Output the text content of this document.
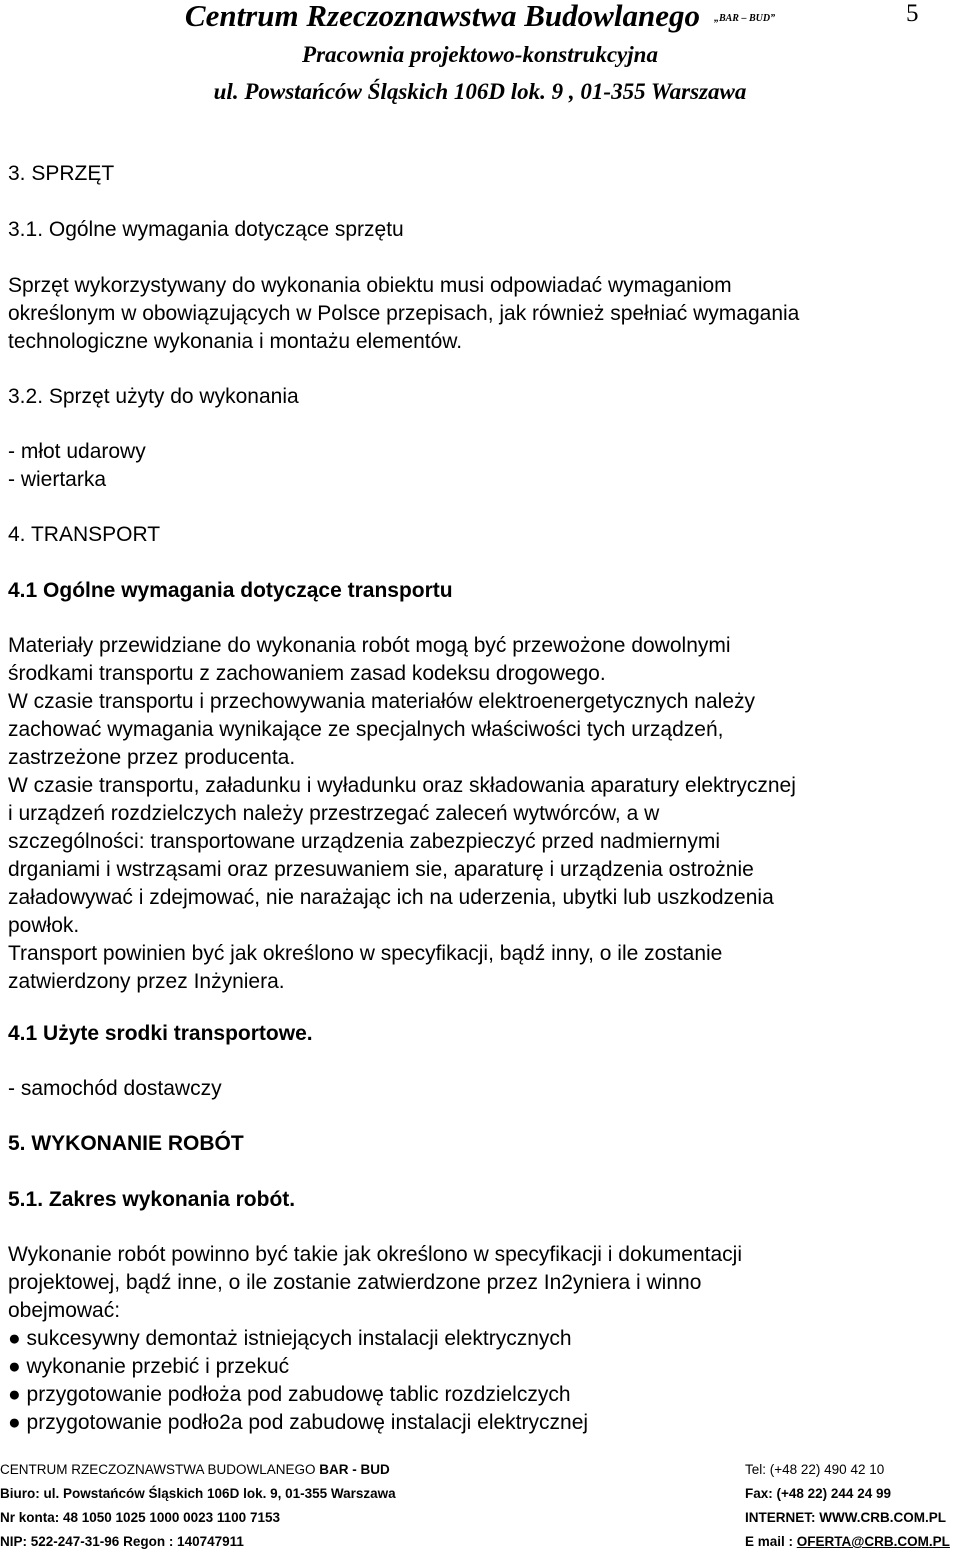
Centrum Rzeczoznawstwa Budowlanego „BAR – BUD”	5
Pracownia projektowo-konstrukcyjna
ul. Powstańców Śląskich 106D lok. 9 , 01-355 Warszawa
3. SPRZĘT
3.1. Ogólne wymagania dotyczące sprzętu
Sprzęt wykorzystywany do wykonania obiektu musi odpowiadać wymaganiom
określonym w obowiązujących w Polsce przepisach, jak również spełniać wymagania
technologiczne wykonania i montażu elementów.
3.2. Sprzęt użyty do wykonania
- młot udarowy
- wiertarka
4. TRANSPORT
4.1 Ogólne wymagania dotyczące transportu
Materiały przewidziane do wykonania robót mogą być przewożone dowolnymi
środkami transportu z zachowaniem zasad kodeksu drogowego.
W czasie transportu i przechowywania materiałów elektroenergetycznych należy
zachować wymagania wynikające ze specjalnych właściwości tych urządzeń,
zastrzeżone przez producenta.
W czasie transportu, załadunku i wyładunku oraz składowania aparatury elektrycznej
i urządzeń rozdzielczych należy przestrzegać zaleceń wytwórców, a w
szczególności: transportowane urządzenia zabezpieczyć przed nadmiernymi
drganiami i wstrząsami oraz przesuwaniem sie, aparaturę i urządzenia ostrożnie
załadowywać i zdejmować, nie narażając ich na uderzenia, ubytki lub uszkodzenia
powłok.
Transport powinien być jak określono w specyfikacji, bądź inny, o ile zostanie
zatwierdzony przez Inżyniera.
4.1 Użyte srodki transportowe.
- samochód dostawczy
5. WYKONANIE ROBÓT
5.1. Zakres wykonania robót.
Wykonanie robót powinno być takie jak określono w specyfikacji i dokumentacji
projektowej, bądź inne, o ile zostanie zatwierdzone przez In2yniera i winno
obejmować:
● sukcesywny demontaż istniejących instalacji elektrycznych
● wykonanie przebić i przekuć
● przygotowanie podłoża pod zabudowę tablic rozdzielczych
● przygotowanie podło2a pod zabudowę instalacji elektrycznej
CENTRUM RZECZOZNAWSTWA BUDOWLANEGO BAR - BUD	Tel: (+48 22) 490 42 10
Biuro: ul. Powstańców Śląskich 106D lok. 9, 01-355 Warszawa	Fax: (+48 22) 244 24 99
Nr konta: 48 1050 1025 1000 0023 1100 7153	INTERNET: WWW.CRB.COM.PL
NIP: 522-247-31-96 Regon : 140747911	E mail : OFERTA@CRB.COM.PL
